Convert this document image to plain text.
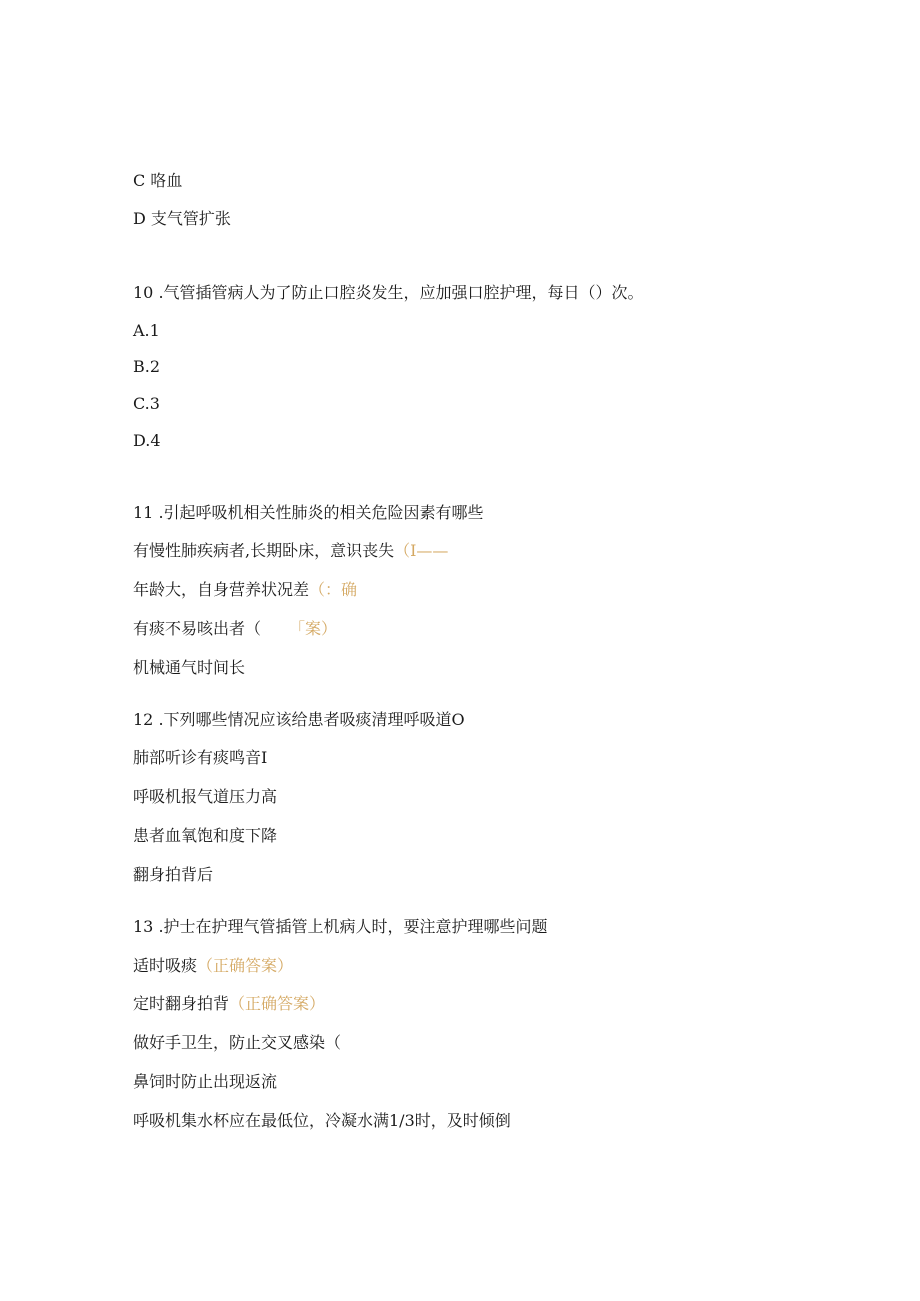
C 咯血
D 支气管扩张
10 .气管插管病人为了防止口腔炎发生，应加强口腔护理，每日（）次。
A.1
B.2
C.3
D.4
11 .引起呼吸机相关性肺炎的相关危险因素有哪些
有慢性肺疾病者,长期卧床，意识丧失（I——
年龄大，自身营养状况差（：确
有痰不易咳出者（ 「案）
机械通气时间长
12 .下列哪些情况应该给患者吸痰清理呼吸道O
肺部听诊有痰鸣音I
呼吸机报气道压力高
患者血氧饱和度下降
翻身拍背后
13 .护士在护理气管插管上机病人时，要注意护理哪些问题
适时吸痰（正确答案）
定时翻身拍背（正确答案）
做好手卫生，防止交叉感染（
鼻饲时防止出现返流
呼吸机集水杯应在最低位，冷凝水满1/3时，及时倾倒
